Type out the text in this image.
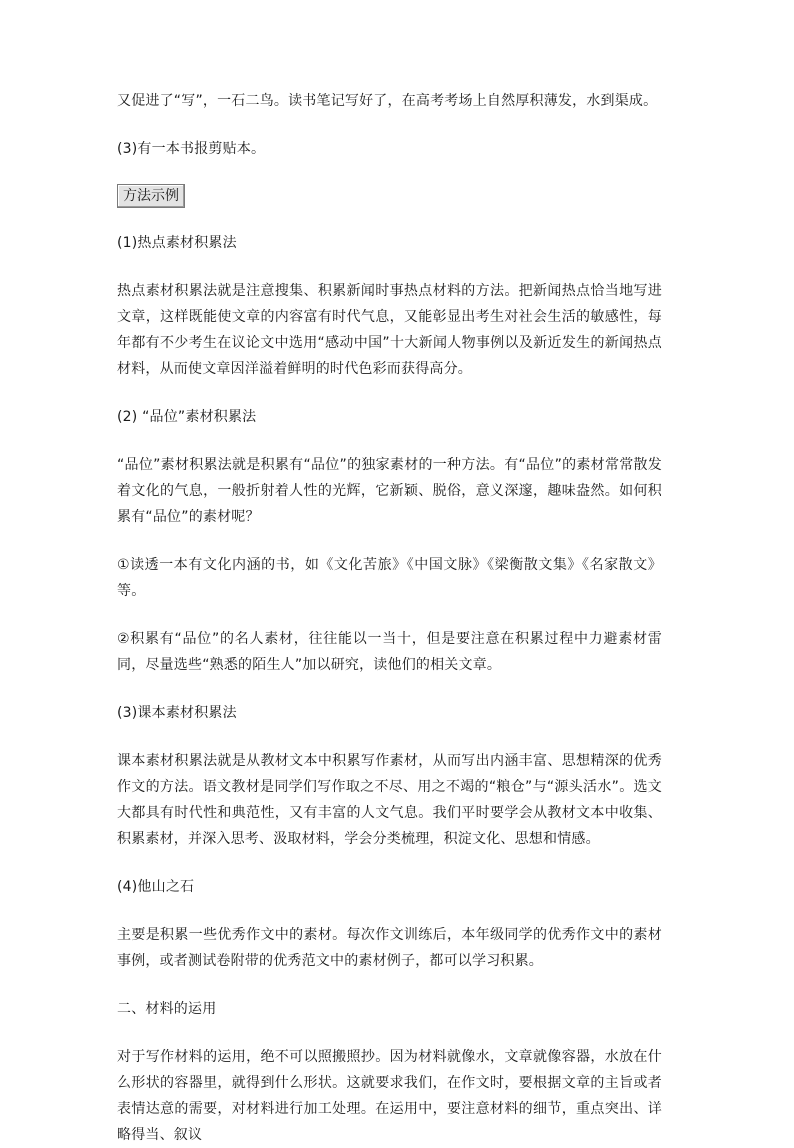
又促进了“写”，一石二鸟。读书笔记写好了，在高考考场上自然厚积薄发，水到渠成。

(3)有一本书报剪贴本。

方法示例

(1)热点素材积累法

热点素材积累法就是注意搜集、积累新闻时事热点材料的方法。把新闻热点恰当地写进文章，这样既能使文章的内容富有时代气息，又能彰显出考生对社会生活的敏感性，每年都有不少考生在议论文中选用“感动中国”十大新闻人物事例以及新近发生的新闻热点材料，从而使文章因洋溢着鲜明的时代色彩而获得高分。

(2) “品位”素材积累法

“品位”素材积累法就是积累有“品位”的独家素材的一种方法。有“品位”的素材常常散发着文化的气息，一般折射着人性的光辉，它新颖、脱俗，意义深邃，趣味盎然。如何积累有“品位”的素材呢？

①读透一本有文化内涵的书，如《文化苦旅》《中国文脉》《梁衡散文集》《名家散文》等。

②积累有“品位”的名人素材，往往能以一当十，但是要注意在积累过程中力避素材雷同，尽量选些“熟悉的陌生人”加以研究，读他们的相关文章。

(3)课本素材积累法

课本素材积累法就是从教材文本中积累写作素材，从而写出内涵丰富、思想精深的优秀作文的方法。语文教材是同学们写作取之不尽、用之不竭的“粮仓”与“源头活水”。选文大都具有时代性和典范性，又有丰富的人文气息。我们平时要学会从教材文本中收集、积累素材，并深入思考、汲取材料，学会分类梳理，积淀文化、思想和情感。

(4)他山之石

主要是积累一些优秀作文中的素材。每次作文训练后，本年级同学的优秀作文中的素材事例，或者测试卷附带的优秀范文中的素材例子，都可以学习积累。

二、材料的运用

对于写作材料的运用，绝不可以照搬照抄。因为材料就像水，文章就像容器，水放在什么形状的容器里，就得到什么形状。这就要求我们，在作文时，要根据文章的主旨或者表情达意的需要，对材料进行加工处理。在运用中，要注意材料的细节，重点突出、详略得当、叙议
